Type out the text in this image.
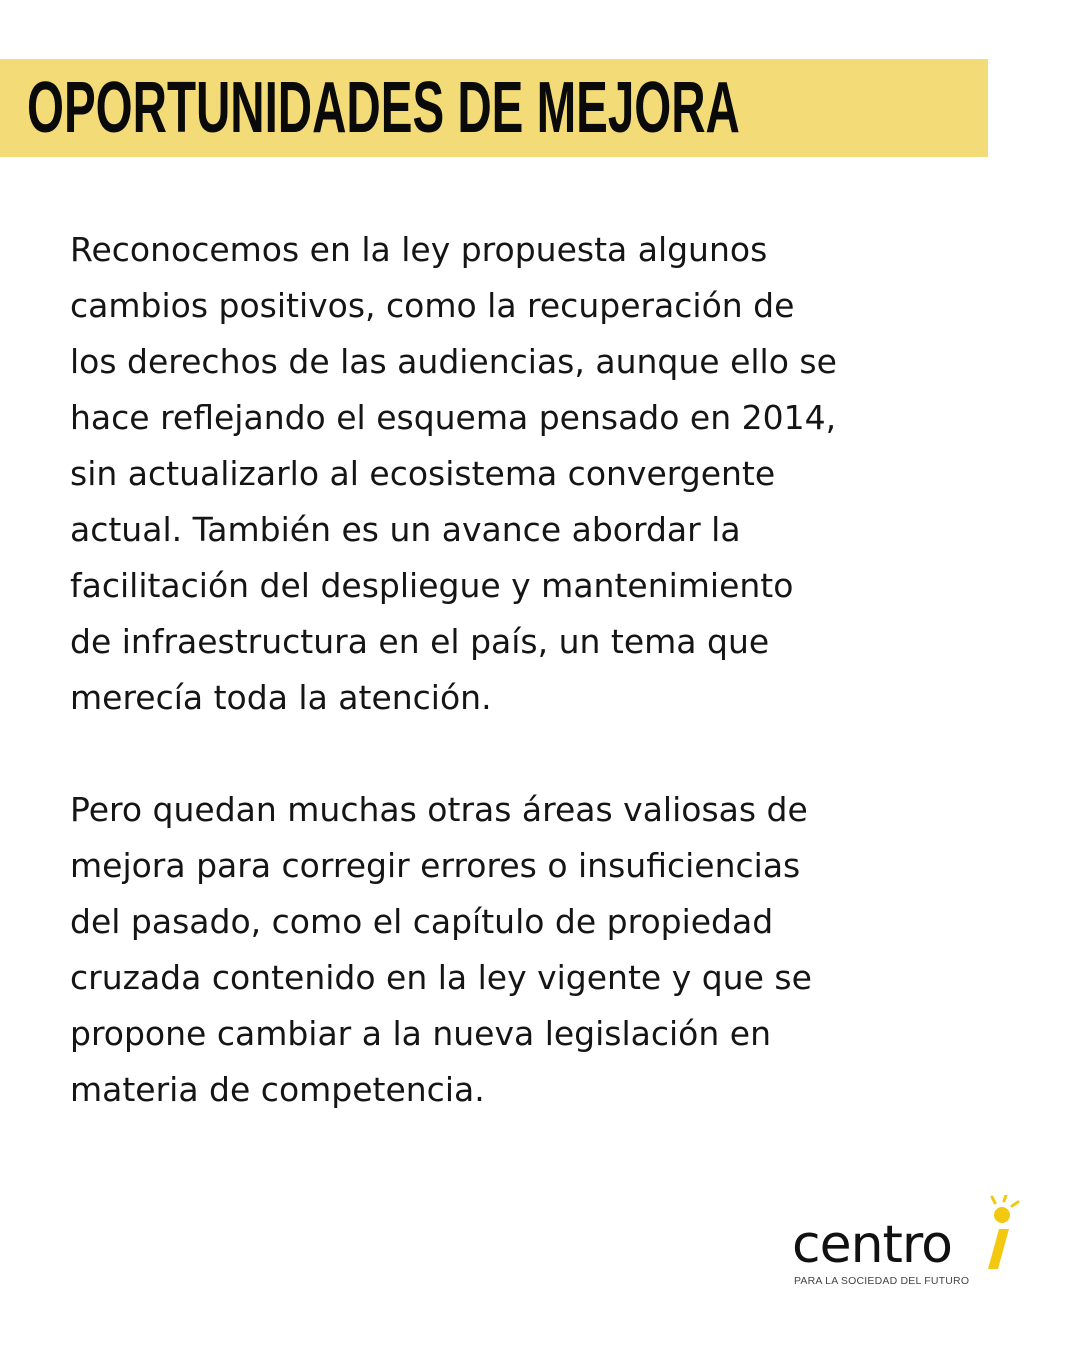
OPORTUNIDADES DE MEJORA
Reconocemos en la ley propuesta algunos
cambios positivos, como la recuperación de
los derechos de las audiencias, aunque ello se
hace reflejando el esquema pensado en 2014,
sin actualizarlo al ecosistema convergente
actual. También es un avance abordar la
facilitación del despliegue y mantenimiento
de infraestructura en el país, un tema que
merecía toda la atención.
Pero quedan muchas otras áreas valiosas de
mejora para corregir errores o insuficiencias
del pasado, como el capítulo de propiedad
cruzada contenido en la ley vigente y que se
propone cambiar a la nueva legislación en
materia de competencia.
centro
PARA LA SOCIEDAD DEL FUTURO
